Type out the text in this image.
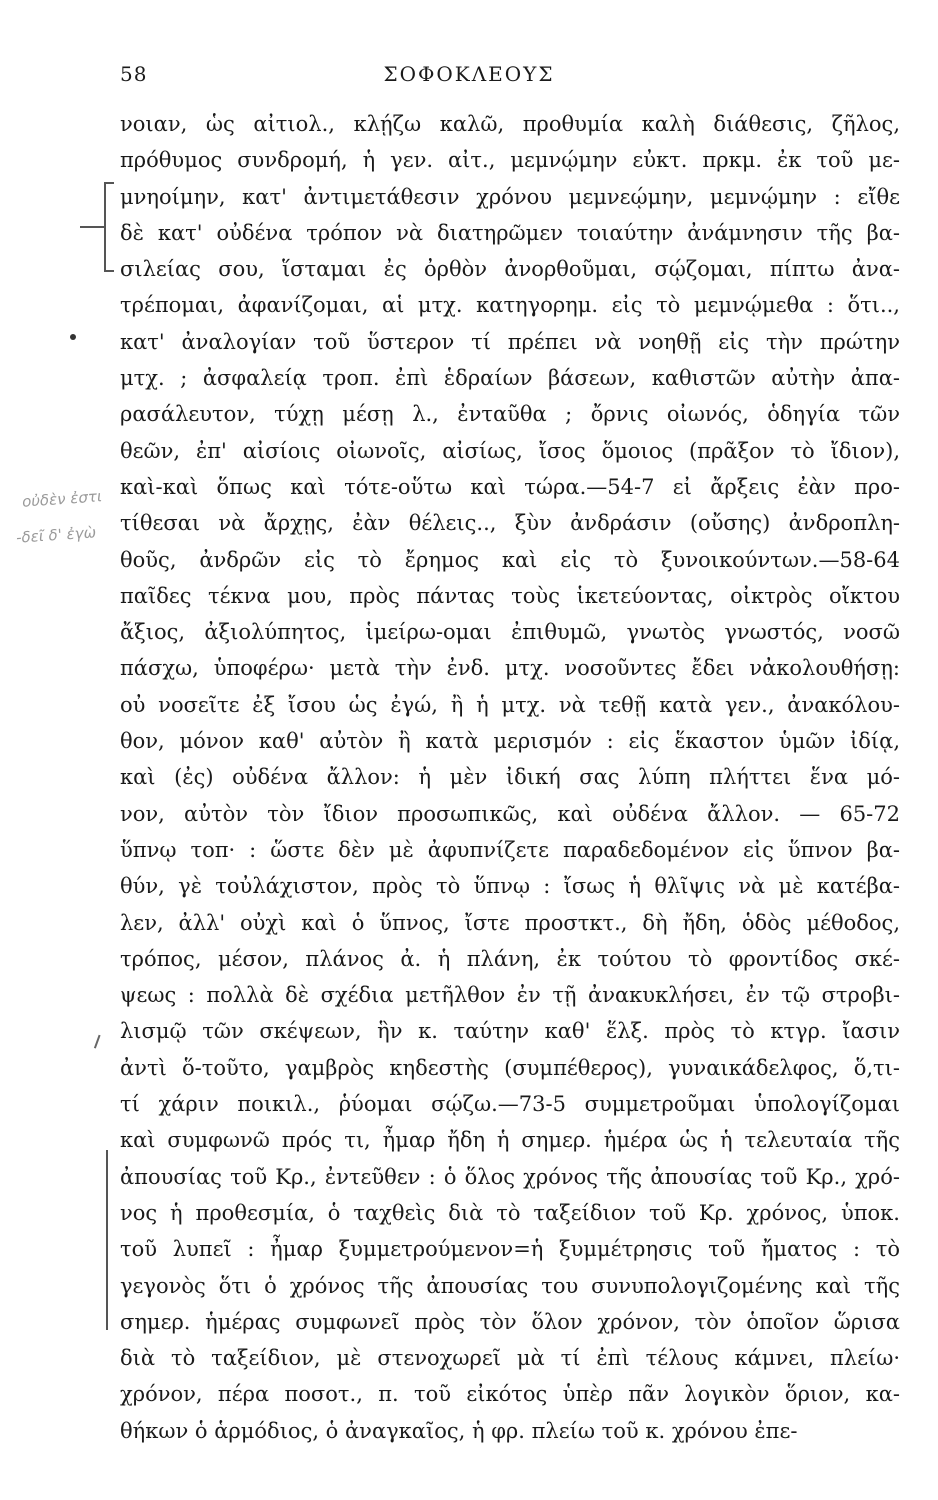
58	ΣΟΦΟΚΛΕΟΥΣ
οὐδὲν ἐστι
-δεῖ δ' ἐγὼ
νοιαν, ὡς αἰτιολ., κλῄζω καλῶ, προθυμία καλὴ διάθεσις, ζῆλος,
πρόθυμος συνδρομή, ἡ γεν. αἰτ., μεμνῴμην εὐκτ. πρκμ. ἐκ τοῦ με-
μνηοίμην, κατ' ἀντιμετάθεσιν χρόνου μεμνεῴμην, μεμνῴμην : εἴθε
δὲ κατ' οὐδένα τρόπον νὰ διατηρῶμεν τοιαύτην ἀνάμνησιν τῆς βα-
σιλείας σου, ἵσταμαι ἐς ὀρθὸν ἀνορθοῦμαι, σῴζομαι, πίπτω ἀνα-
τρέπομαι, ἀφανίζομαι, αἱ μτχ. κατηγορημ. εἰς τὸ μεμνῴμεθα : ὅτι..,
κατ' ἀναλογίαν τοῦ ὕστερον τί πρέπει νὰ νοηθῇ εἰς τὴν πρώτην
μτχ. ; ἀσφαλείᾳ τροπ. ἐπὶ ἑδραίων βάσεων, καθιστῶν αὐτὴν ἀπα-
ρασάλευτον, τύχῃ μέσῃ λ., ἐνταῦθα ; ὄρνις οἰωνός, ὁδηγία τῶν
θεῶν, ἐπ' αἰσίοις οἰωνοῖς, αἰσίως, ἴσος ὅμοιος (πρᾶξον τὸ ἴδιον),
καὶ-καὶ ὅπως καὶ τότε-οὕτω καὶ τώρα.—54-7 εἰ ἄρξεις ἐὰν προ-
τίθεσαι νὰ ἄρχῃς, ἐὰν θέλεις.., ξὺν ἀνδράσιν (οὔσης) ἀνδροπλη-
θοῦς, ἀνδρῶν εἰς τὸ ἔρημος καὶ εἰς τὸ ξυνοικούντων.—58-64
παῖδες τέκνα μου, πρὸς πάντας τοὺς ἱκετεύοντας, οἰκτρὸς οἴκτου
ἄξιος, ἀξιολύπητος, ἱμείρω-ομαι ἐπιθυμῶ, γνωτὸς γνωστός, νοσῶ
πάσχω, ὑποφέρω· μετὰ τὴν ἐνδ. μτχ. νοσοῦντες ἔδει νἀκολουθήσῃ:
οὐ νοσεῖτε ἐξ ἴσου ὡς ἐγώ, ἢ ἡ μτχ. νὰ τεθῇ κατὰ γεν., ἀνακόλου-
θον, μόνον καθ' αὐτὸν ἢ κατὰ μερισμόν : εἰς ἕκαστον ὑμῶν ἰδίᾳ,
καὶ (ἐς) οὐδένα ἄλλον: ἡ μὲν ἰδική σας λύπη πλήττει ἕνα μό-
νον, αὐτὸν τὸν ἴδιον προσωπικῶς, καὶ οὐδένα ἄλλον. — 65-72
ὕπνῳ τοπ· : ὥστε δὲν μὲ ἀφυπνίζετε παραδεδομένον εἰς ὕπνον βα-
θύν, γὲ τοὐλάχιστον, πρὸς τὸ ὕπνῳ : ἴσως ἡ θλῖψις νὰ μὲ κατέβα-
λεν, ἀλλ' οὐχὶ καὶ ὁ ὕπνος, ἴστε προστκτ., δὴ ἤδη, ὁδὸς μέθοδος,
τρόπος, μέσον, πλάνος ἀ. ἡ πλάνη, ἐκ τούτου τὸ φροντίδος σκέ-
ψεως : πολλὰ δὲ σχέδια μετῆλθον ἐν τῇ ἀνακυκλήσει, ἐν τῷ στροβι-
λισμῷ τῶν σκέψεων, ἣν κ. ταύτην καθ' ἕλξ. πρὸς τὸ κτγρ. ἴασιν
ἀντὶ ὅ-τοῦτο, γαμβρὸς κηδεστὴς (συμπέθερος), γυναικάδελφος, ὅ,τι-
τί χάριν ποικιλ., ῥύομαι σῴζω.—73-5 συμμετροῦμαι ὑπολογίζομαι
καὶ συμφωνῶ πρός τι, ἦμαρ ἤδη ἡ σημερ. ἡμέρα ὡς ἡ τελευταία τῆς
ἀπουσίας τοῦ Κρ., ἐντεῦθεν : ὁ ὅλος χρόνος τῆς ἀπουσίας τοῦ Κρ., χρό-
νος ἡ προθεσμία, ὁ ταχθεὶς διὰ τὸ ταξείδιον τοῦ Κρ. χρόνος, ὑποκ.
τοῦ λυπεῖ : ἦμαρ ξυμμετρούμενον=ἡ ξυμμέτρησις τοῦ ἤματος : τὸ
γεγονὸς ὅτι ὁ χρόνος τῆς ἀπουσίας του συνυπολογιζομένης καὶ τῆς
σημερ. ἡμέρας συμφωνεῖ πρὸς τὸν ὅλον χρόνον, τὸν ὁποῖον ὥρισα
διὰ τὸ ταξείδιον, μὲ στενοχωρεῖ μὰ τί ἐπὶ τέλους κάμνει, πλείω·
χρόνον, πέρα ποσοτ., π. τοῦ εἰκότος ὑπὲρ πᾶν λογικὸν ὅριον, κα-
θήκων ὁ ἁρμόδιος, ὁ ἀναγκαῖος, ἡ φρ. πλείω τοῦ κ. χρόνου ἐπε-
